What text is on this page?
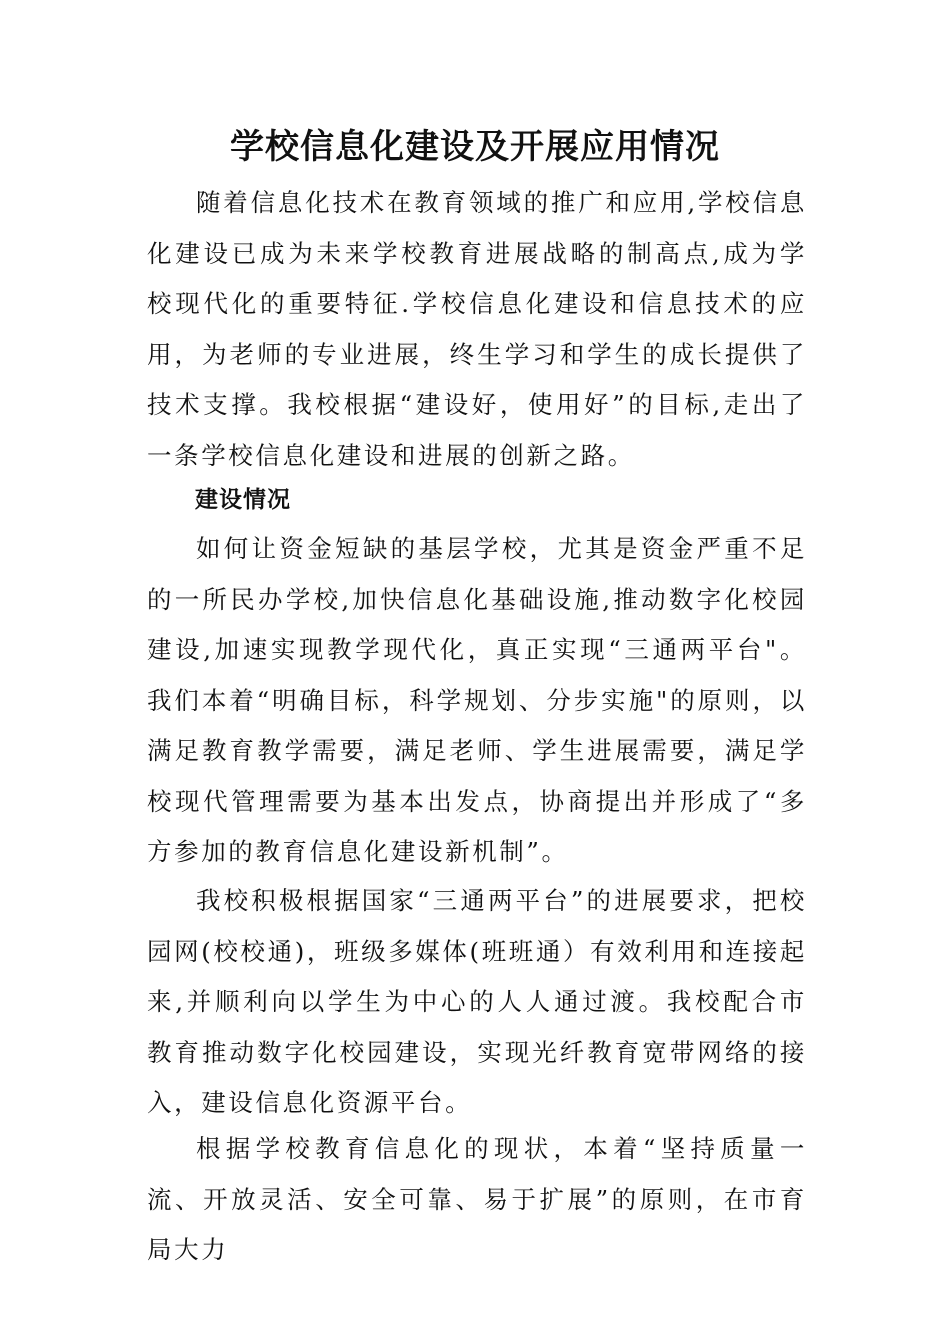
学校信息化建设及开展应用情况

随着信息化技术在教育领域的推广和应用,学校信息化建设已成为未来学校教育进展战略的制高点,成为学校现代化的重要特征.学校信息化建设和信息技术的应用，为老师的专业进展，终生学习和学生的成长提供了技术支撑。我校根据“建设好，使用好”的目标,走出了一条学校信息化建设和进展的创新之路。

建设情况

如何让资金短缺的基层学校，尤其是资金严重不足的一所民办学校,加快信息化基础设施,推动数字化校园建设,加速实现教学现代化，真正实现“三通两平台"。我们本着“明确目标，科学规划、分步实施"的原则，以满足教育教学需要，满足老师、学生进展需要，满足学校现代管理需要为基本出发点，协商提出并形成了“多方参加的教育信息化建设新机制”。

我校积极根据国家“三通两平台”的进展要求，把校园网(校校通)，班级多媒体(班班通）有效利用和连接起来,并顺利向以学生为中心的人人通过渡。我校配合市教育推动数字化校园建设，实现光纤教育宽带网络的接入，建设信息化资源平台。

根据学校教育信息化的现状，本着“坚持质量一流、开放灵活、安全可靠、易于扩展”的原则，在市育局大力
